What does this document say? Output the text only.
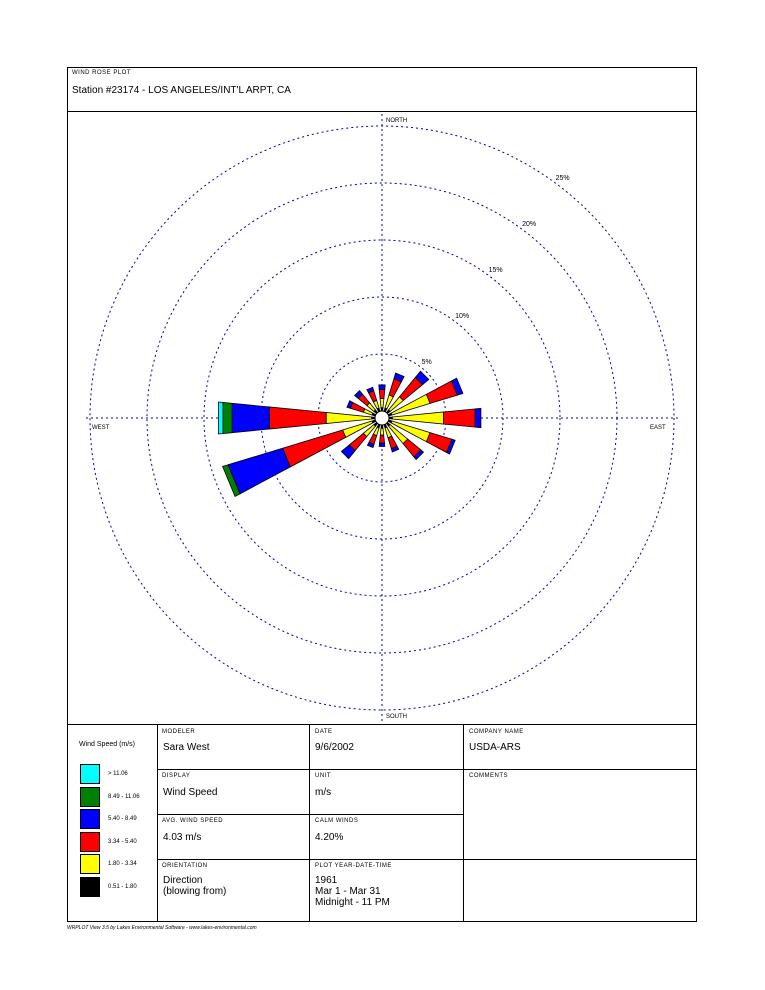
WIND ROSE PLOT
Station #23174 - LOS ANGELES/INT'L ARPT, CA
5%
10%
15%
20%
25%
NORTH
SOUTH
EAST
WEST
Wind Speed (m/s)
> 11.06
8.49 - 11.06
5.40 - 8.49
3.34 - 5.40
1.80 - 3.34
0.51 - 1.80
MODELER
Sara West
DATE
9/6/2002
COMPANY NAME
USDA-ARS
DISPLAY
Wind Speed
UNIT
m/s
COMMENTS
AVG. WIND SPEED
4.03 m/s
CALM WINDS
4.20%
ORIENTATION
Direction
(blowing from)
PLOT YEAR-DATE-TIME
1961
Mar 1 - Mar 31
Midnight - 11 PM
WRPLOT View 3.5 by Lakes Environmental Software - www.lakes-environmental.com
